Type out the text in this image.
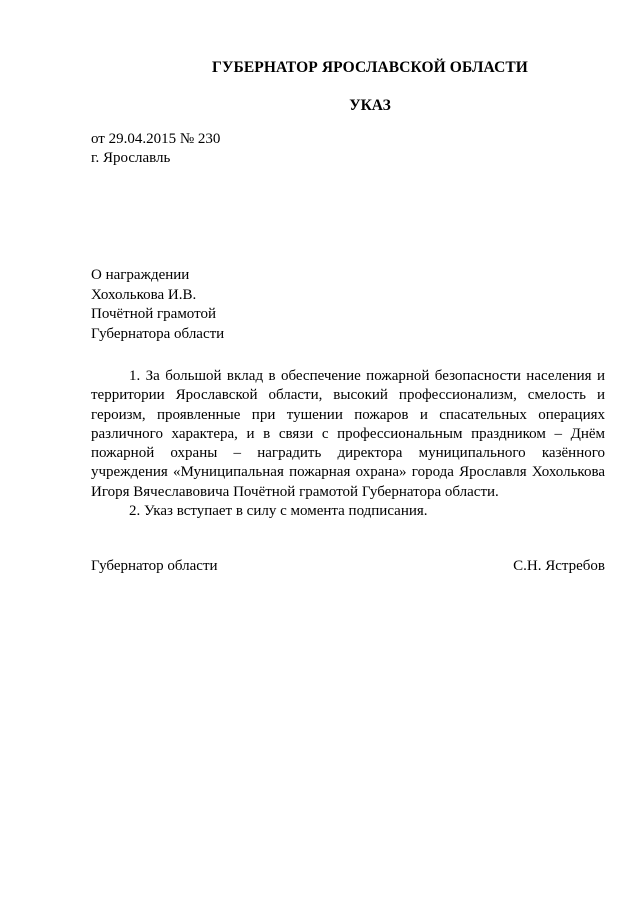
ГУБЕРНАТОР ЯРОСЛАВСКОЙ ОБЛАСТИ
УКАЗ
от 29.04.2015 № 230
г. Ярославль
О награждении
Хохолькова И.В.
Почётной грамотой
Губернатора области

1. За большой вклад в обеспечение пожарной безопасности населения и территории Ярославской области, высокий профессионализм, смелость и героизм, проявленные при тушении пожаров и спасательных операциях различного характера, и в связи с профессиональным праздником – Днём пожарной охраны – наградить директора муниципального казённого учреждения «Муниципальная пожарная охрана» города Ярославля Хохолькова Игоря Вячеславовича Почётной грамотой Губернатора области.

2. Указ вступает в силу с момента подписания.

Губернатор области	С.Н. Ястребов
